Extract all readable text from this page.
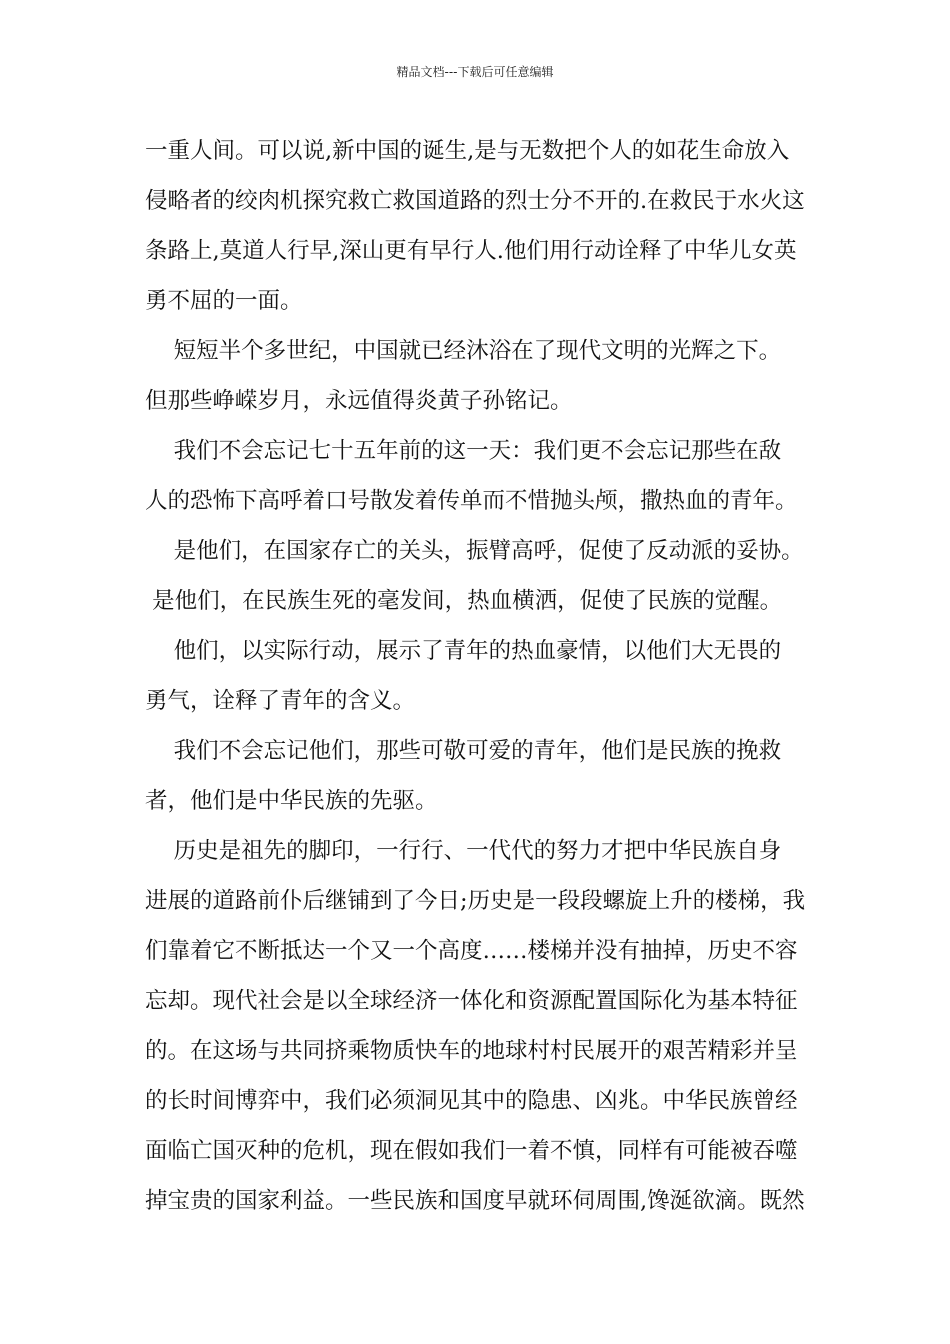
精品文档---下载后可任意编辑
一重人间。可以说,新中国的诞生,是与无数把个人的如花生命放入
侵略者的绞肉机探究救亡救国道路的烈士分不开的.在救民于水火这
条路上,莫道人行早,深山更有早行人.他们用行动诠释了中华儿女英
勇不屈的一面。
短短半个多世纪，中国就已经沐浴在了现代文明的光辉之下。
但那些峥嵘岁月，永远值得炎黄子孙铭记。
我们不会忘记七十五年前的这一天：我们更不会忘记那些在敌
人的恐怖下高呼着口号散发着传单而不惜抛头颅，撒热血的青年。
是他们，在国家存亡的关头，振臂高呼，促使了反动派的妥协。
是他们，在民族生死的毫发间，热血横洒，促使了民族的觉醒。
他们，以实际行动，展示了青年的热血豪情，以他们大无畏的
勇气，诠释了青年的含义。
我们不会忘记他们，那些可敬可爱的青年，他们是民族的挽救
者，他们是中华民族的先驱。
历史是祖先的脚印，一行行、一代代的努力才把中华民族自身
进展的道路前仆后继铺到了今日;历史是一段段螺旋上升的楼梯，我
们靠着它不断抵达一个又一个高度……楼梯并没有抽掉，历史不容
忘却。现代社会是以全球经济一体化和资源配置国际化为基本特征
的。在这场与共同挤乘物质快车的地球村村民展开的艰苦精彩并呈
的长时间博弈中，我们必须洞见其中的隐患、凶兆。中华民族曾经
面临亡国灭种的危机，现在假如我们一着不慎，同样有可能被吞噬
掉宝贵的国家利益。一些民族和国度早就环伺周围,馋涎欲滴。既然
